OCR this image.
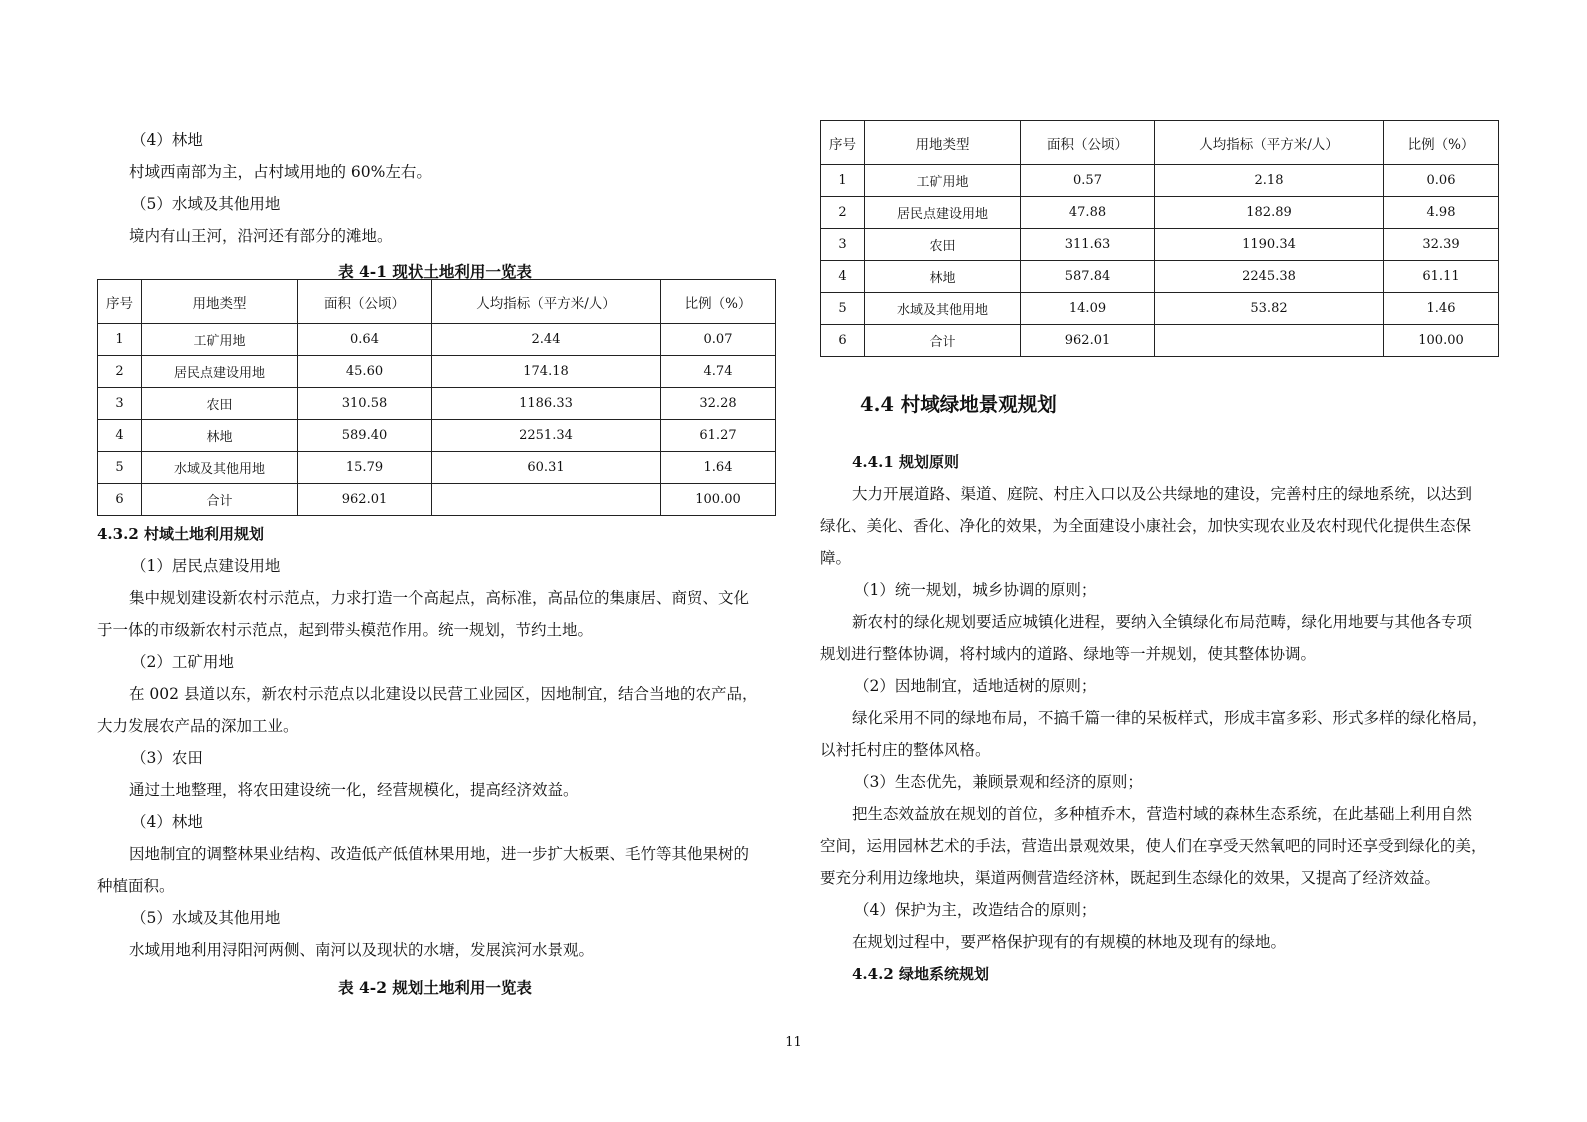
（4）林地
村域西南部为主，占村域用地的 60%左右。
（5）水域及其他用地
境内有山王河，沿河还有部分的滩地。
表 4-1 现状土地利用一览表
序号	用地类型	面积（公顷）	人均指标（平方米/人）	比例（%）
1	工矿用地	0.64	2.44	0.07
2	居民点建设用地	45.60	174.18	4.74
3	农田	310.58	1186.33	32.28
4	林地	589.40	2251.34	61.27
5	水域及其他用地	15.79	60.31	1.64
6	合计	962.01		100.00
4.3.2 村域土地利用规划
（1）居民点建设用地
集中规划建设新农村示范点，力求打造一个高起点，高标准，高品位的集康居、商贸、文化
于一体的市级新农村示范点，起到带头模范作用。统一规划，节约土地。
（2）工矿用地
在 002 县道以东，新农村示范点以北建设以民营工业园区，因地制宜，结合当地的农产品，
大力发展农产品的深加工业。
（3）农田
通过土地整理，将农田建设统一化，经营规模化，提高经济效益。
（4）林地
因地制宜的调整林果业结构、改造低产低值林果用地，进一步扩大板栗、毛竹等其他果树的
种植面积。
（5）水域及其他用地
水域用地利用浔阳河两侧、南河以及现状的水塘，发展滨河水景观。
表 4-2 规划土地利用一览表
序号	用地类型	面积（公顷）	人均指标（平方米/人）	比例（%）
1	工矿用地	0.57	2.18	0.06
2	居民点建设用地	47.88	182.89	4.98
3	农田	311.63	1190.34	32.39
4	林地	587.84	2245.38	61.11
5	水域及其他用地	14.09	53.82	1.46
6	合计	962.01		100.00
4.4 村域绿地景观规划
4.4.1 规划原则
大力开展道路、渠道、庭院、村庄入口以及公共绿地的建设，完善村庄的绿地系统，以达到
绿化、美化、香化、净化的效果，为全面建设小康社会，加快实现农业及农村现代化提供生态保
障。
（1）统一规划，城乡协调的原则；
新农村的绿化规划要适应城镇化进程，要纳入全镇绿化布局范畴，绿化用地要与其他各专项
规划进行整体协调，将村域内的道路、绿地等一并规划，使其整体协调。
（2）因地制宜，适地适树的原则；
绿化采用不同的绿地布局，不搞千篇一律的呆板样式，形成丰富多彩、形式多样的绿化格局，
以衬托村庄的整体风格。
（3）生态优先，兼顾景观和经济的原则；
把生态效益放在规划的首位，多种植乔木，营造村域的森林生态系统，在此基础上利用自然
空间，运用园林艺术的手法，营造出景观效果，使人们在享受天然氧吧的同时还享受到绿化的美，
要充分利用边缘地块，渠道两侧营造经济林，既起到生态绿化的效果，又提高了经济效益。
（4）保护为主，改造结合的原则；
在规划过程中，要严格保护现有的有规模的林地及现有的绿地。
4.4.2 绿地系统规划
11
